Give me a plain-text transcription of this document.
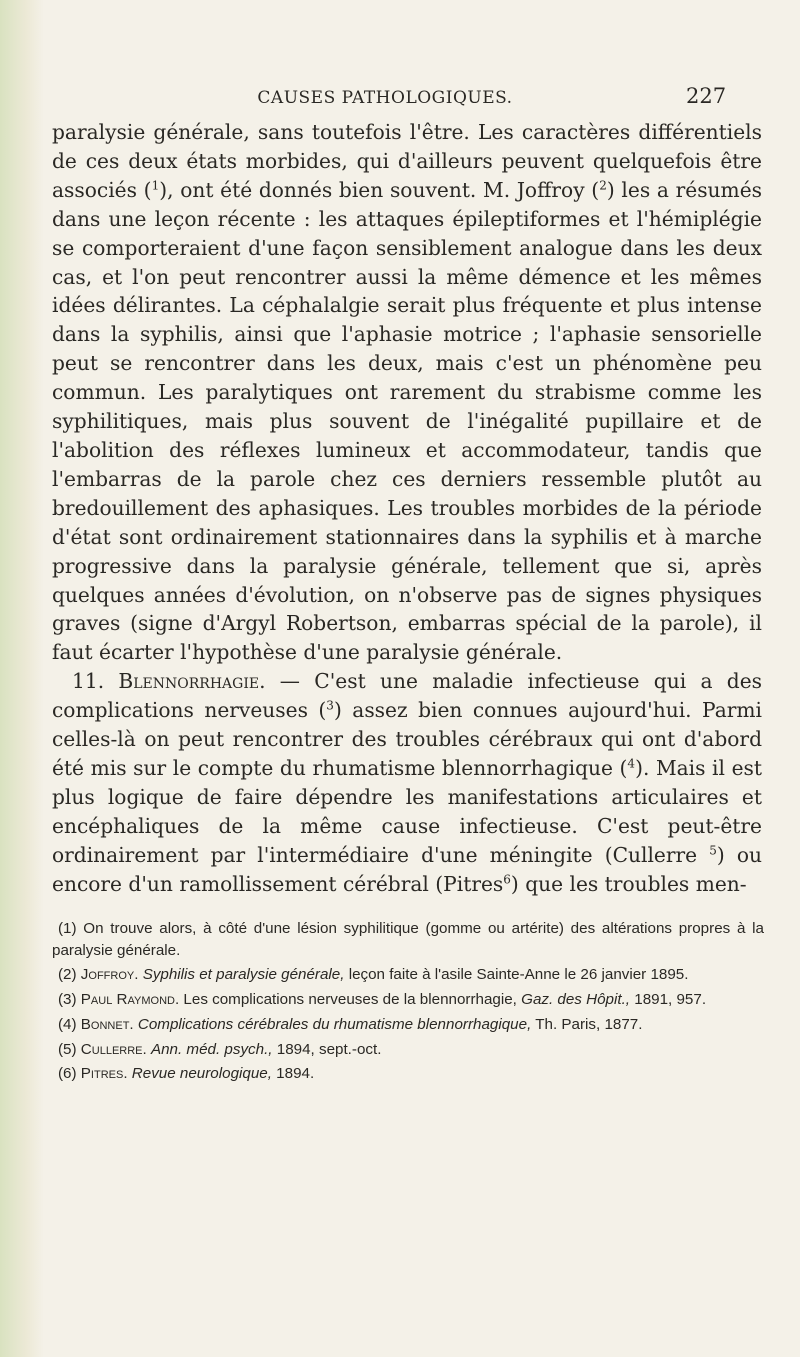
CAUSES PATHOLOGIQUES.	227

paralysie générale, sans toutefois l'être. Les caractères différentiels de ces deux états morbides, qui d'ailleurs peuvent quelquefois être associés ($^1$), ont été donnés bien souvent. M. Joffroy ($^2$) les a résumés dans une leçon récente : les attaques épileptiformes et l'hémiplégie se comporteraient d'une façon sensiblement analogue dans les deux cas, et l'on peut rencontrer aussi la même démence et les mêmes idées délirantes. La céphalalgie serait plus fréquente et plus intense dans la syphilis, ainsi que l'aphasie motrice ; l'aphasie sensorielle peut se rencontrer dans les deux, mais c'est un phénomène peu commun. Les paralytiques ont rarement du strabisme comme les syphilitiques, mais plus souvent de l'inégalité pupillaire et de l'abolition des réflexes lumineux et accommodateur, tandis que l'embarras de la parole chez ces derniers ressemble plutôt au bredouillement des aphasiques. Les troubles morbides de la période d'état sont ordinairement stationnaires dans la syphilis et à marche progressive dans la paralysie générale, tellement que si, après quelques années d'évolution, on n'observe pas de signes physiques graves (signe d'Argyl Robertson, embarras spécial de la parole), il faut écarter l'hypothèse d'une paralysie générale.

11. Blennorrhagie. — C'est une maladie infectieuse qui a des complications nerveuses ($^3$) assez bien connues aujourd'hui. Parmi celles-là on peut rencontrer des troubles cérébraux qui ont d'abord été mis sur le compte du rhumatisme blennorrhagique ($^4$). Mais il est plus logique de faire dépendre les manifestations articulaires et encéphaliques de la même cause infectieuse. C'est peut-être ordinairement par l'intermédiaire d'une méningite (Cullerre $^5$) ou encore d'un ramollissement cérébral (Pitres$^6$) que les troubles men-

(1) On trouve alors, à côté d'une lésion syphilitique (gomme ou artérite) des altérations propres à la paralysie générale.

(2) Joffroy. Syphilis et paralysie générale, leçon faite à l'asile Sainte-Anne le 26 janvier 1895.

(3) Paul Raymond. Les complications nerveuses de la blennorrhagie, Gaz. des Hôpit., 1891, 957.

(4) Bonnet. Complications cérébrales du rhumatisme blennorrhagique, Th. Paris, 1877.

(5) Cullerre. Ann. méd. psych., 1894, sept.-oct.

(6) Pitres. Revue neurologique, 1894.
